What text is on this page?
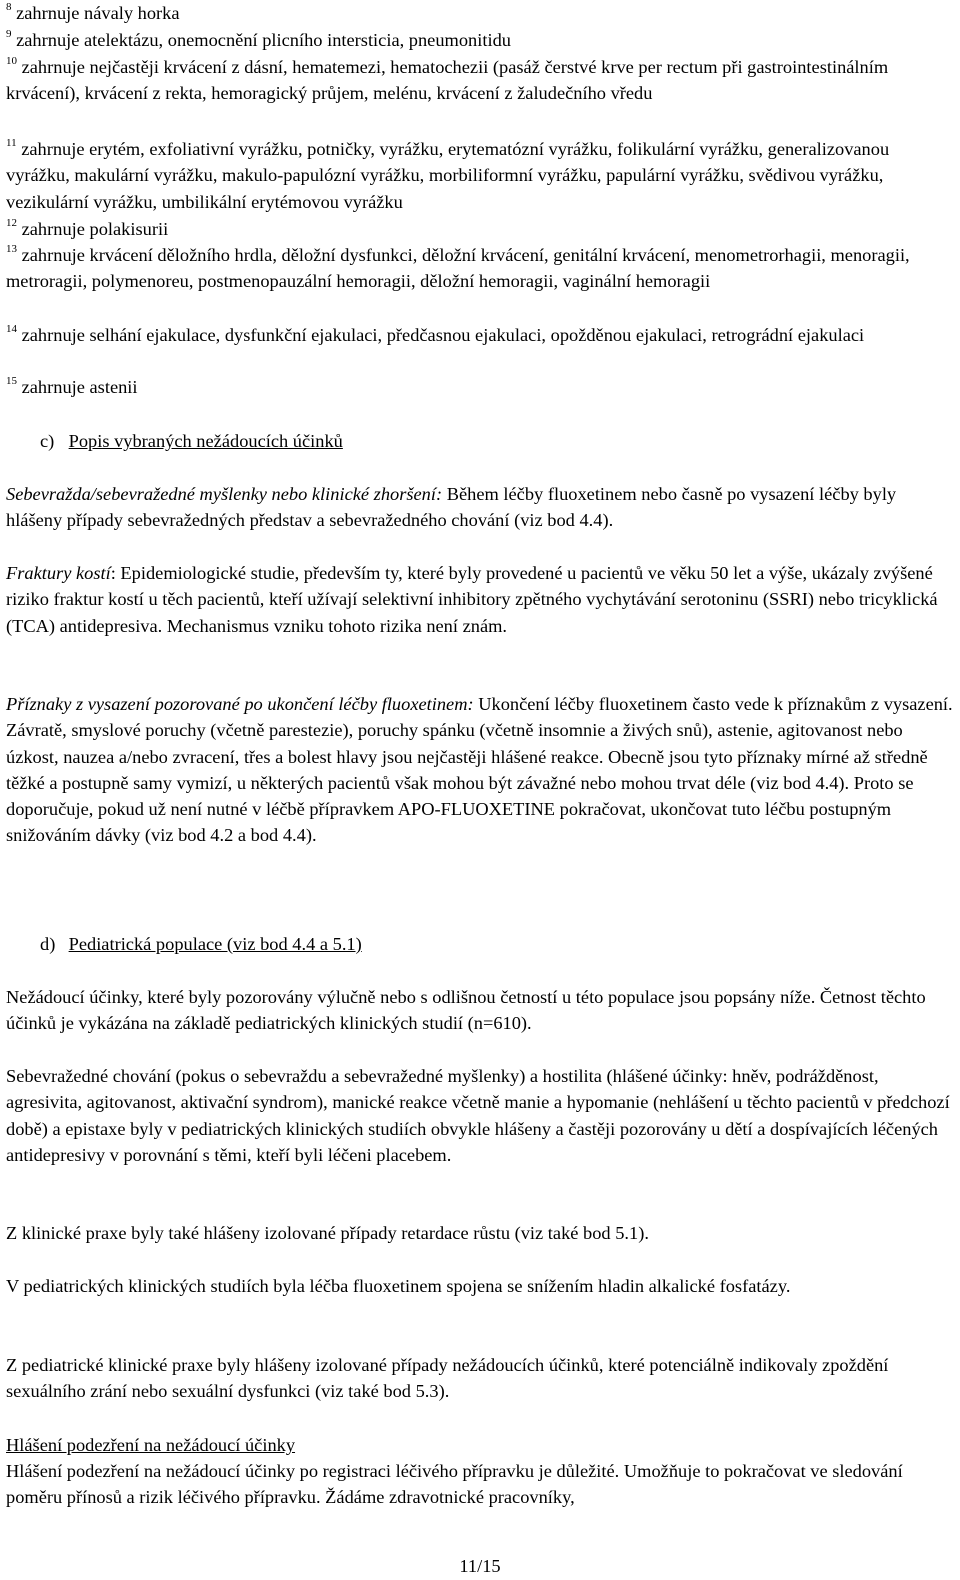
$^8$ zahrnuje návaly horka

$^9$ zahrnuje atelektázu, onemocnění plicního intersticia, pneumonitidu

$^{10}$ zahrnuje nejčastěji krvácení z dásní, hematemezi, hematochezii (pasáž čerstvé krve per rectum při gastrointestinálním krvácení), krvácení z rekta, hemoragický průjem, melénu, krvácení z žaludečního vředu

$^{11}$ zahrnuje erytém, exfoliativní vyrážku, potničky, vyrážku, erytematózní vyrážku, folikulární vyrážku, generalizovanou vyrážku, makulární vyrážku, makulo-papulózní vyrážku, morbiliformní vyrážku, papulární vyrážku, svědivou vyrážku, vezikulární vyrážku, umbilikální erytémovou vyrážku

$^{12}$ zahrnuje polakisurii

$^{13}$ zahrnuje krvácení děložního hrdla, děložní dysfunkci, děložní krvácení, genitální krvácení, menometrorhagii, menoragii, metroragii, polymenoreu, postmenopauzální hemoragii, děložní hemoragii, vaginální hemoragii

$^{14}$ zahrnuje selhání ejakulace, dysfunkční ejakulaci, předčasnou ejakulaci, opožděnou ejakulaci, retrográdní ejakulaci

$^{15}$ zahrnuje astenii

c) Popis vybraných nežádoucích účinků

Sebevražda/sebevražedné myšlenky nebo klinické zhoršení: Během léčby fluoxetinem nebo časně po vysazení léčby byly hlášeny případy sebevražedných představ a sebevražedného chování (viz bod 4.4).

Fraktury kostí: Epidemiologické studie, především ty, které byly provedené u pacientů ve věku 50 let a výše, ukázaly zvýšené riziko fraktur kostí u těch pacientů, kteří užívají selektivní inhibitory zpětného vychytávání serotoninu (SSRI) nebo tricyklická (TCA) antidepresiva. Mechanismus vzniku tohoto rizika není znám.

Příznaky z vysazení pozorované po ukončení léčby fluoxetinem: Ukončení léčby fluoxetinem často vede k příznakům z vysazení. Závratě, smyslové poruchy (včetně parestezie), poruchy spánku (včetně insomnie a živých snů), astenie, agitovanost nebo úzkost, nauzea a/nebo zvracení, třes a bolest hlavy jsou nejčastěji hlášené reakce. Obecně jsou tyto příznaky mírné až středně těžké a postupně samy vymizí, u některých pacientů však mohou být závažné nebo mohou trvat déle (viz bod 4.4). Proto se doporučuje, pokud už není nutné v léčbě přípravkem APO-FLUOXETINE pokračovat, ukončovat tuto léčbu postupným snižováním dávky (viz bod 4.2 a bod 4.4).

d) Pediatrická populace (viz bod 4.4 a 5.1)

Nežádoucí účinky, které byly pozorovány výlučně nebo s odlišnou četností u této populace jsou popsány níže. Četnost těchto účinků je vykázána na základě pediatrických klinických studií (n=610).

Sebevražedné chování (pokus o sebevraždu a sebevražedné myšlenky) a hostilita (hlášené účinky: hněv, podrážděnost, agresivita, agitovanost, aktivační syndrom), manické reakce včetně manie a hypomanie (nehlášení u těchto pacientů v předchozí době) a epistaxe byly v pediatrických klinických studiích obvykle hlášeny a častěji pozorovány u dětí a dospívajících léčených antidepresivy v porovnání s těmi, kteří byli léčeni placebem.

Z klinické praxe byly také hlášeny izolované případy retardace růstu (viz také bod 5.1).

V pediatrických klinických studiích byla léčba fluoxetinem spojena se snížením hladin alkalické fosfatázy.

Z pediatrické klinické praxe byly hlášeny izolované případy nežádoucích účinků, které potenciálně indikovaly zpoždění sexuálního zrání nebo sexuální dysfunkci (viz také bod 5.3).

Hlášení podezření na nežádoucí účinky

Hlášení podezření na nežádoucí účinky po registraci léčivého přípravku je důležité. Umožňuje to pokračovat ve sledování poměru přínosů a rizik léčivého přípravku. Žádáme zdravotnické pracovníky,

11/15
